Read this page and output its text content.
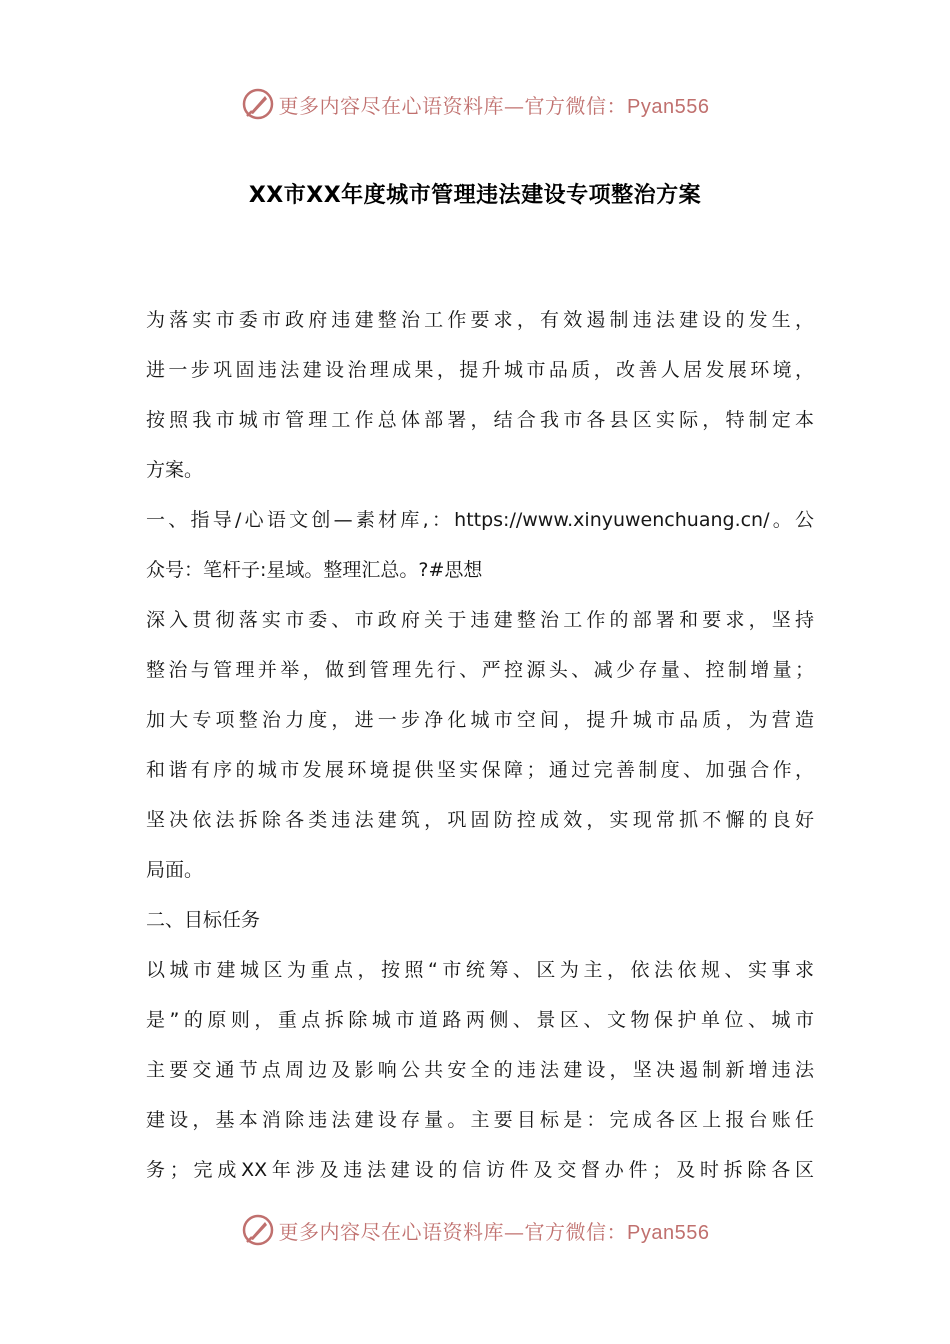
更多内容尽在心语资料库—官方微信：Pyan556
XX市XX年度城市管理违法建设专项整治方案
为落实市委市政府违建整治工作要求，有效遏制违法建设的发生，
进一步巩固违法建设治理成果，提升城市品质，改善人居发展环境，
按照我市城市管理工作总体部署，结合我市各县区实际，特制定本
方案。
一、指导/心语文创—素材库,：https://www.xinyuwenchuang.cn/。公
众号：笔杆子:星域。整理汇总。?#思想
深入贯彻落实市委、市政府关于违建整治工作的部署和要求，坚持
整治与管理并举，做到管理先行、严控源头、减少存量、控制增量；
加大专项整治力度，进一步净化城市空间，提升城市品质，为营造
和谐有序的城市发展环境提供坚实保障；通过完善制度、加强合作，
坚决依法拆除各类违法建筑，巩固防控成效，实现常抓不懈的良好
局面。
二、目标任务
以城市建城区为重点，按照“市统筹、区为主，依法依规、实事求
是”的原则，重点拆除城市道路两侧、景区、文物保护单位、城市
主要交通节点周边及影响公共安全的违法建设，坚决遏制新增违法
建设，基本消除违法建设存量。主要目标是：完成各区上报台账任
务；完成XX年涉及违法建设的信访件及交督办件；及时拆除各区
更多内容尽在心语资料库—官方微信：Pyan556
